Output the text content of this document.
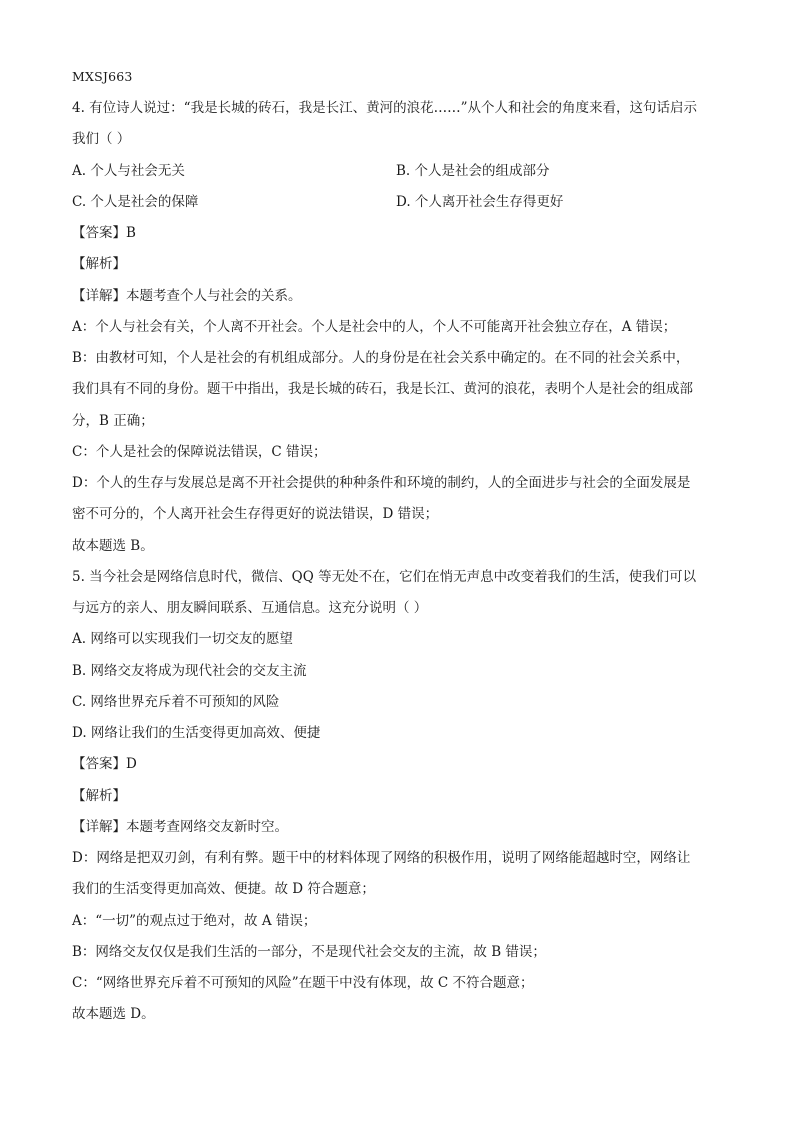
MXSJ663
4. 有位诗人说过：“我是长城的砖石，我是长江、黄河的浪花……”从个人和社会的角度来看，这句话启示
我们（ ）
A. 个人与社会无关	B. 个人是社会的组成部分
C. 个人是社会的保障	D. 个人离开社会生存得更好
【答案】B
【解析】
【详解】本题考查个人与社会的关系。
A：个人与社会有关，个人离不开社会。个人是社会中的人，个人不可能离开社会独立存在，A 错误；
B：由教材可知，个人是社会的有机组成部分。人的身份是在社会关系中确定的。在不同的社会关系中，
我们具有不同的身份。题干中指出，我是长城的砖石，我是长江、黄河的浪花，表明个人是社会的组成部
分，B 正确；
C：个人是社会的保障说法错误，C 错误；
D：个人的生存与发展总是离不开社会提供的种种条件和环境的制约，人的全面进步与社会的全面发展是
密不可分的，个人离开社会生存得更好的说法错误，D 错误；
故本题选 B。
5. 当今社会是网络信息时代，微信、QQ 等无处不在，它们在悄无声息中改变着我们的生活，使我们可以
与远方的亲人、朋友瞬间联系、互通信息。这充分说明（ ）
A. 网络可以实现我们一切交友的愿望
B. 网络交友将成为现代社会的交友主流
C. 网络世界充斥着不可预知的风险
D. 网络让我们的生活变得更加高效、便捷
【答案】D
【解析】
【详解】本题考查网络交友新时空。
D：网络是把双刃剑，有利有弊。题干中的材料体现了网络的积极作用，说明了网络能超越时空，网络让
我们的生活变得更加高效、便捷。故 D 符合题意；
A：“一切”的观点过于绝对，故 A 错误；
B：网络交友仅仅是我们生活的一部分，不是现代社会交友的主流，故 B 错误；
C：“网络世界充斥着不可预知的风险”在题干中没有体现，故 C 不符合题意；
故本题选 D。
